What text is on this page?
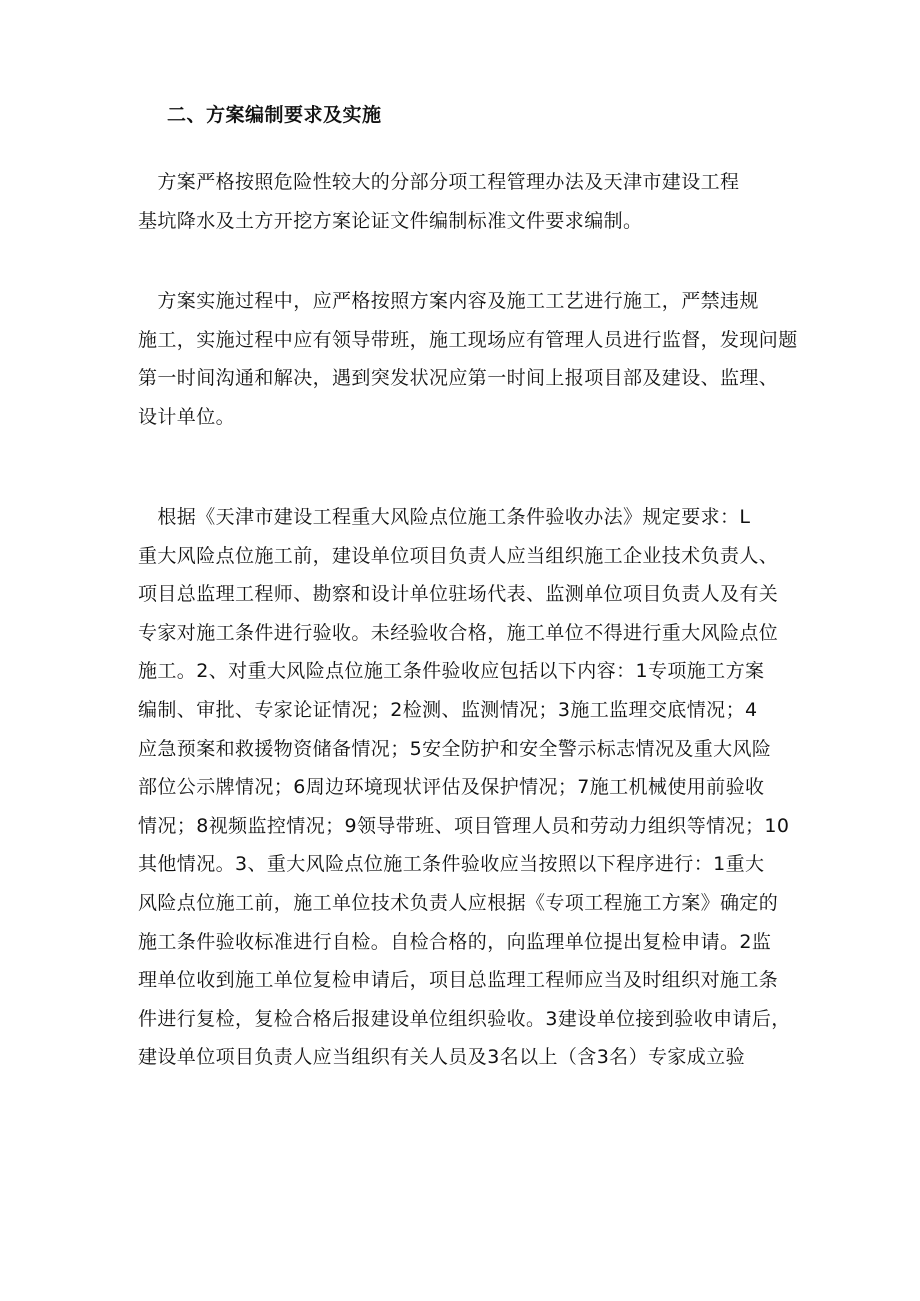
二、方案编制要求及实施
　方案严格按照危险性较大的分部分项工程管理办法及天津市建设工程
基坑降水及土方开挖方案论证文件编制标准文件要求编制。
　方案实施过程中，应严格按照方案内容及施工工艺进行施工，严禁违规
施工，实施过程中应有领导带班，施工现场应有管理人员进行监督，发现问题
第一时间沟通和解决，遇到突发状况应第一时间上报项目部及建设、监理、
设计单位。
　根据《天津市建设工程重大风险点位施工条件验收办法》规定要求：L
重大风险点位施工前，建设单位项目负责人应当组织施工企业技术负责人、
项目总监理工程师、勘察和设计单位驻场代表、监测单位项目负责人及有关
专家对施工条件进行验收。未经验收合格，施工单位不得进行重大风险点位
施工。2、对重大风险点位施工条件验收应包括以下内容：1专项施工方案
编制、审批、专家论证情况；2检测、监测情况；3施工监理交底情况；4
应急预案和救援物资储备情况；5安全防护和安全警示标志情况及重大风险
部位公示牌情况；6周边环境现状评估及保护情况；7施工机械使用前验收
情况；8视频监控情况；9领导带班、项目管理人员和劳动力组织等情况；10
其他情况。3、重大风险点位施工条件验收应当按照以下程序进行：1重大
风险点位施工前，施工单位技术负责人应根据《专项工程施工方案》确定的
施工条件验收标准进行自检。自检合格的，向监理单位提出复检申请。2监
理单位收到施工单位复检申请后，项目总监理工程师应当及时组织对施工条
件进行复检，复检合格后报建设单位组织验收。3建设单位接到验收申请后，
建设单位项目负责人应当组织有关人员及3名以上（含3名）专家成立验
